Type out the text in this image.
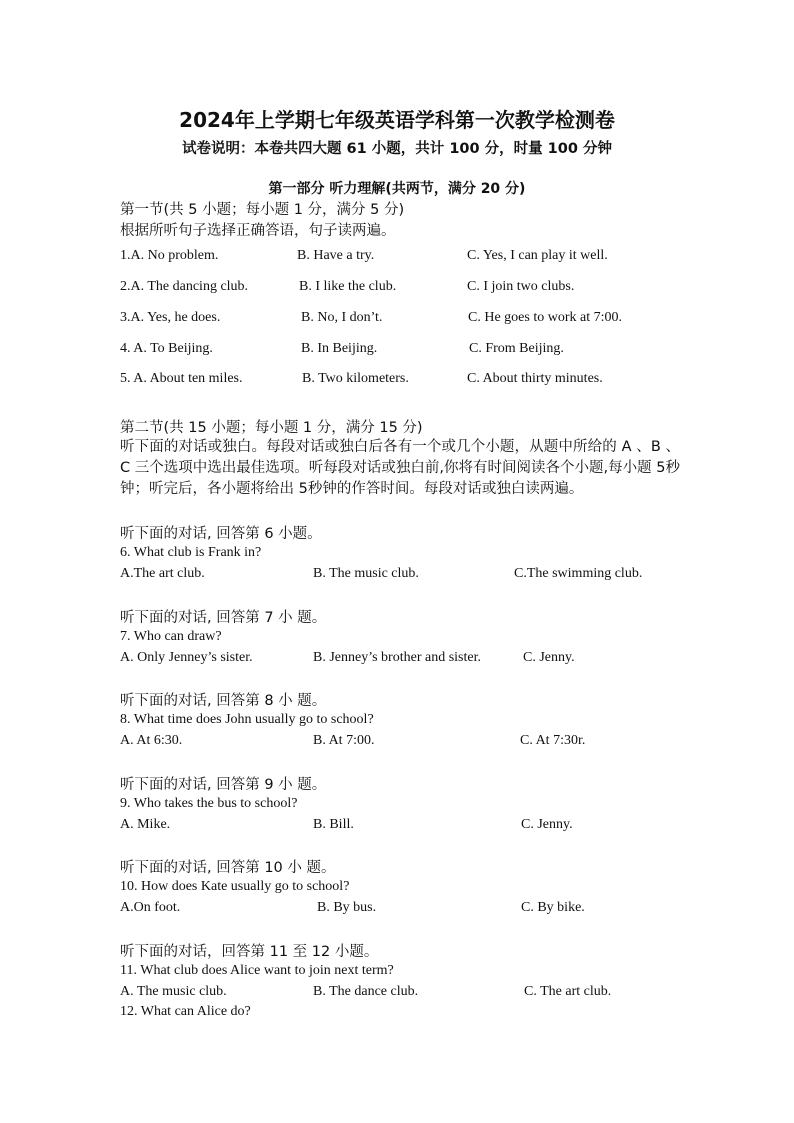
2024年上学期七年级英语学科第一次教学检测卷
试卷说明：本卷共四大题 61 小题，共计 100 分，时量 100 分钟
第一部分 听力理解(共两节，满分 20 分)
第一节(共 5 小题；每小题 1 分，满分 5 分)
根据所听句子选择正确答语，句子读两遍。
1.A. No problem.	B. Have a try.	C. Yes, I can play it well.
2.A. The dancing club.	B. I like the club.	C. I join two clubs.
3.A. Yes, he does.	B. No, I don’t.	C. He goes to work at 7:00.
4. A. To Beijing.	B. In Beijing.	C. From Beijing.
5. A. About ten miles.	B. Two kilometers.	C. About thirty minutes.
第二节(共 15 小题；每小题 1 分，满分 15 分)
听下面的对话或独白。每段对话或独白后各有一个或几个小题，从题中所给的 A 、B 、C 三个选项中选出最佳选项。听每段对话或独白前,你将有时间阅读各个小题,每小题 5秒钟；听完后，各小题将给出 5秒钟的作答时间。每段对话或独白读两遍。
听下面的对话, 回答第 6 小题。
6. What club is Frank in?
A.The art club.	B. The music club.	C.The swimming club.
听下面的对话, 回答第 7 小 题。
7. Who can draw?
A. Only Jenney’s sister.	B. Jenney’s brother and sister.	C. Jenny.
听下面的对话, 回答第 8 小 题。
8. What time does John usually go to school?
A. At 6:30.	B. At 7:00.	C. At 7:30r.
听下面的对话, 回答第 9 小 题。
9. Who takes the bus to school?
A. Mike.	B. Bill.	C. Jenny.
听下面的对话, 回答第 10 小 题。
10. How does Kate usually go to school?
A.On foot.	B. By bus.	C. By bike.
听下面的对话，回答第 11 至 12 小题。
11. What club does Alice want to join next term?
A. The music club.	B. The dance club.	C. The art club.
12. What can Alice do?
